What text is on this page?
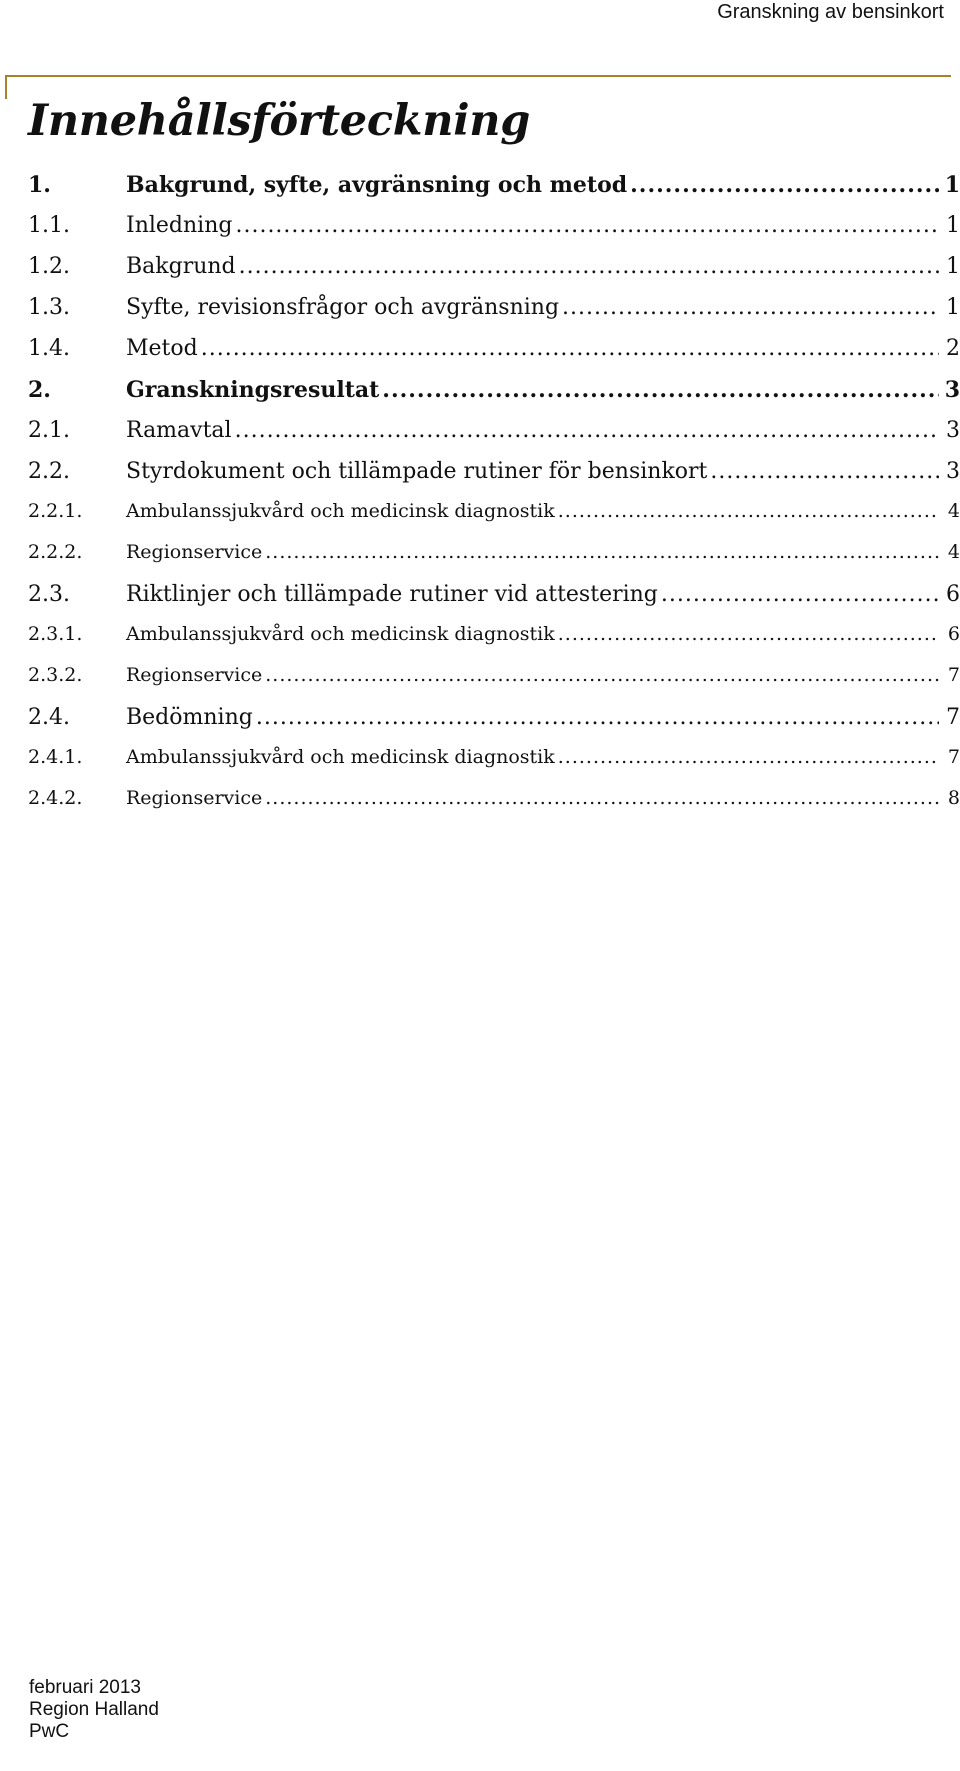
Granskning av bensinkort
Innehållsförteckning
1.	Bakgrund, syfte, avgränsning och metod .....	1
1.1.	Inledning .....	1
1.2.	Bakgrund .....	1
1.3.	Syfte, revisionsfrågor och avgränsning .....	1
1.4.	Metod .....	2
2.	Granskningsresultat .....	3
2.1.	Ramavtal .....	3
2.2.	Styrdokument och tillämpade rutiner för bensinkort .....	3
2.2.1.	Ambulanssjukvård och medicinsk diagnostik .....	4
2.2.2.	Regionservice .....	4
2.3.	Riktlinjer och tillämpade rutiner vid attestering .....	6
2.3.1.	Ambulanssjukvård och medicinsk diagnostik .....	6
2.3.2.	Regionservice .....	7
2.4.	Bedömning .....	7
2.4.1.	Ambulanssjukvård och medicinsk diagnostik .....	7
2.4.2.	Regionservice .....	8
februari 2013
Region Halland
PwC
